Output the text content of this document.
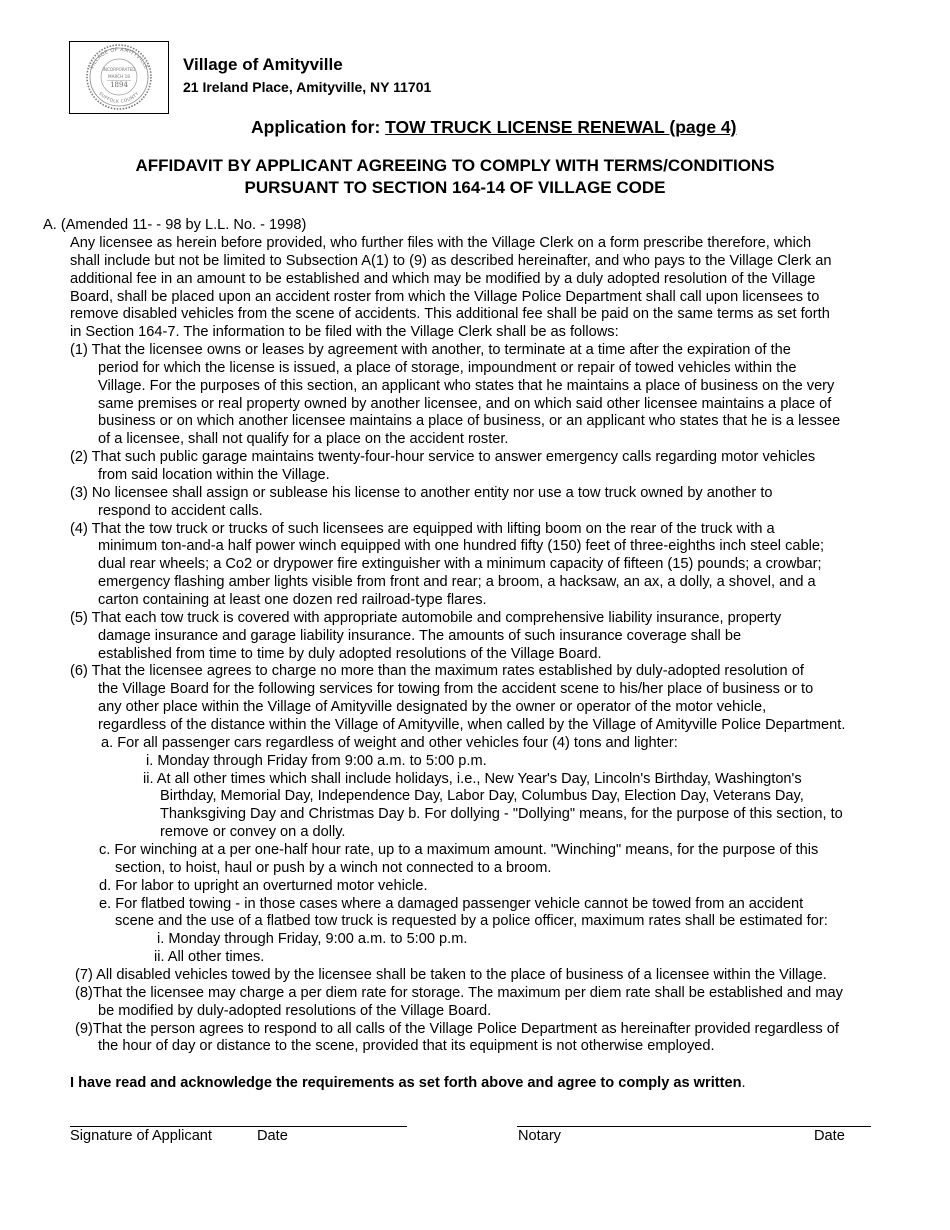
VILLAGE OF AMITYVILLE
SUFFOLK COUNTY
INCORPORATED
MARCH 18
1894
Village of Amityville
21 Ireland Place, Amityville, NY 11701
Application for: TOW TRUCK LICENSE RENEWAL (page 4)
AFFIDAVIT BY APPLICANT AGREEING TO COMPLY WITH TERMS/CONDITIONS
PURSUANT TO SECTION 164-14 OF VILLAGE CODE
A. (Amended 11- - 98 by L.L. No. - 1998)
Any licensee as herein before provided, who further files with the Village Clerk on a form prescribe therefore, which
shall include but not be limited to Subsection A(1) to (9) as described hereinafter, and who pays to the Village Clerk an
additional fee in an amount to be established and which may be modified by a duly adopted resolution of the Village
Board, shall be placed upon an accident roster from which the Village Police Department shall call upon licensees to
remove disabled vehicles from the scene of accidents. This additional fee shall be paid on the same terms as set forth
in Section 164-7. The information to be filed with the Village Clerk shall be as follows:
(1) That the licensee owns or leases by agreement with another, to terminate at a time after the expiration of the
period for which the license is issued, a place of storage, impoundment or repair of towed vehicles within the
Village. For the purposes of this section, an applicant who states that he maintains a place of business on the very
same premises or real property owned by another licensee, and on which said other licensee maintains a place of
business or on which another licensee maintains a place of business, or an applicant who states that he is a lessee
of a licensee, shall not qualify for a place on the accident roster.
(2) That such public garage maintains twenty-four-hour service to answer emergency calls regarding motor vehicles
from said location within the Village.
(3) No licensee shall assign or sublease his license to another entity nor use a tow truck owned by another to
respond to accident calls.
(4) That the tow truck or trucks of such licensees are equipped with lifting boom on the rear of the truck with a
minimum ton-and-a half power winch equipped with one hundred fifty (150) feet of three-eighths inch steel cable;
dual rear wheels; a Co2 or drypower fire extinguisher with a minimum capacity of fifteen (15) pounds; a crowbar;
emergency flashing amber lights visible from front and rear; a broom, a hacksaw, an ax, a dolly, a shovel, and a
carton containing at least one dozen red railroad-type flares.
(5) That each tow truck is covered with appropriate automobile and comprehensive liability insurance, property
damage insurance and garage liability insurance. The amounts of such insurance coverage shall be
established from time to time by duly adopted resolutions of the Village Board.
(6) That the licensee agrees to charge no more than the maximum rates established by duly-adopted resolution of
the Village Board for the following services for towing from the accident scene to his/her place of business or to
any other place within the Village of Amityville designated by the owner or operator of the motor vehicle,
regardless of the distance within the Village of Amityville, when called by the Village of Amityville Police Department.
a. For all passenger cars regardless of weight and other vehicles four (4) tons and lighter:
i. Monday through Friday from 9:00 a.m. to 5:00 p.m.
ii. At all other times which shall include holidays, i.e., New Year's Day, Lincoln's Birthday, Washington's
Birthday, Memorial Day, Independence Day, Labor Day, Columbus Day, Election Day, Veterans Day,
Thanksgiving Day and Christmas Day b. For dollying - "Dollying" means, for the purpose of this section, to
remove or convey on a dolly.
c. For winching at a per one-half hour rate, up to a maximum amount. "Winching" means, for the purpose of this
section, to hoist, haul or push by a winch not connected to a broom.
d. For labor to upright an overturned motor vehicle.
e. For flatbed towing - in those cases where a damaged passenger vehicle cannot be towed from an accident
scene and the use of a flatbed tow truck is requested by a police officer, maximum rates shall be estimated for:
i. Monday through Friday, 9:00 a.m. to 5:00 p.m.
ii. All other times.
(7) All disabled vehicles towed by the licensee shall be taken to the place of business of a licensee within the Village.
(8)That the licensee may charge a per diem rate for storage. The maximum per diem rate shall be established and may
be modified by duly-adopted resolutions of the Village Board.
(9)That the person agrees to respond to all calls of the Village Police Department as hereinafter provided regardless of
the hour of day or distance to the scene, provided that its equipment is not otherwise employed.
I have read and acknowledge the requirements as set forth above and agree to comply as written.
Signature of Applicant	Date	Notary	Date
